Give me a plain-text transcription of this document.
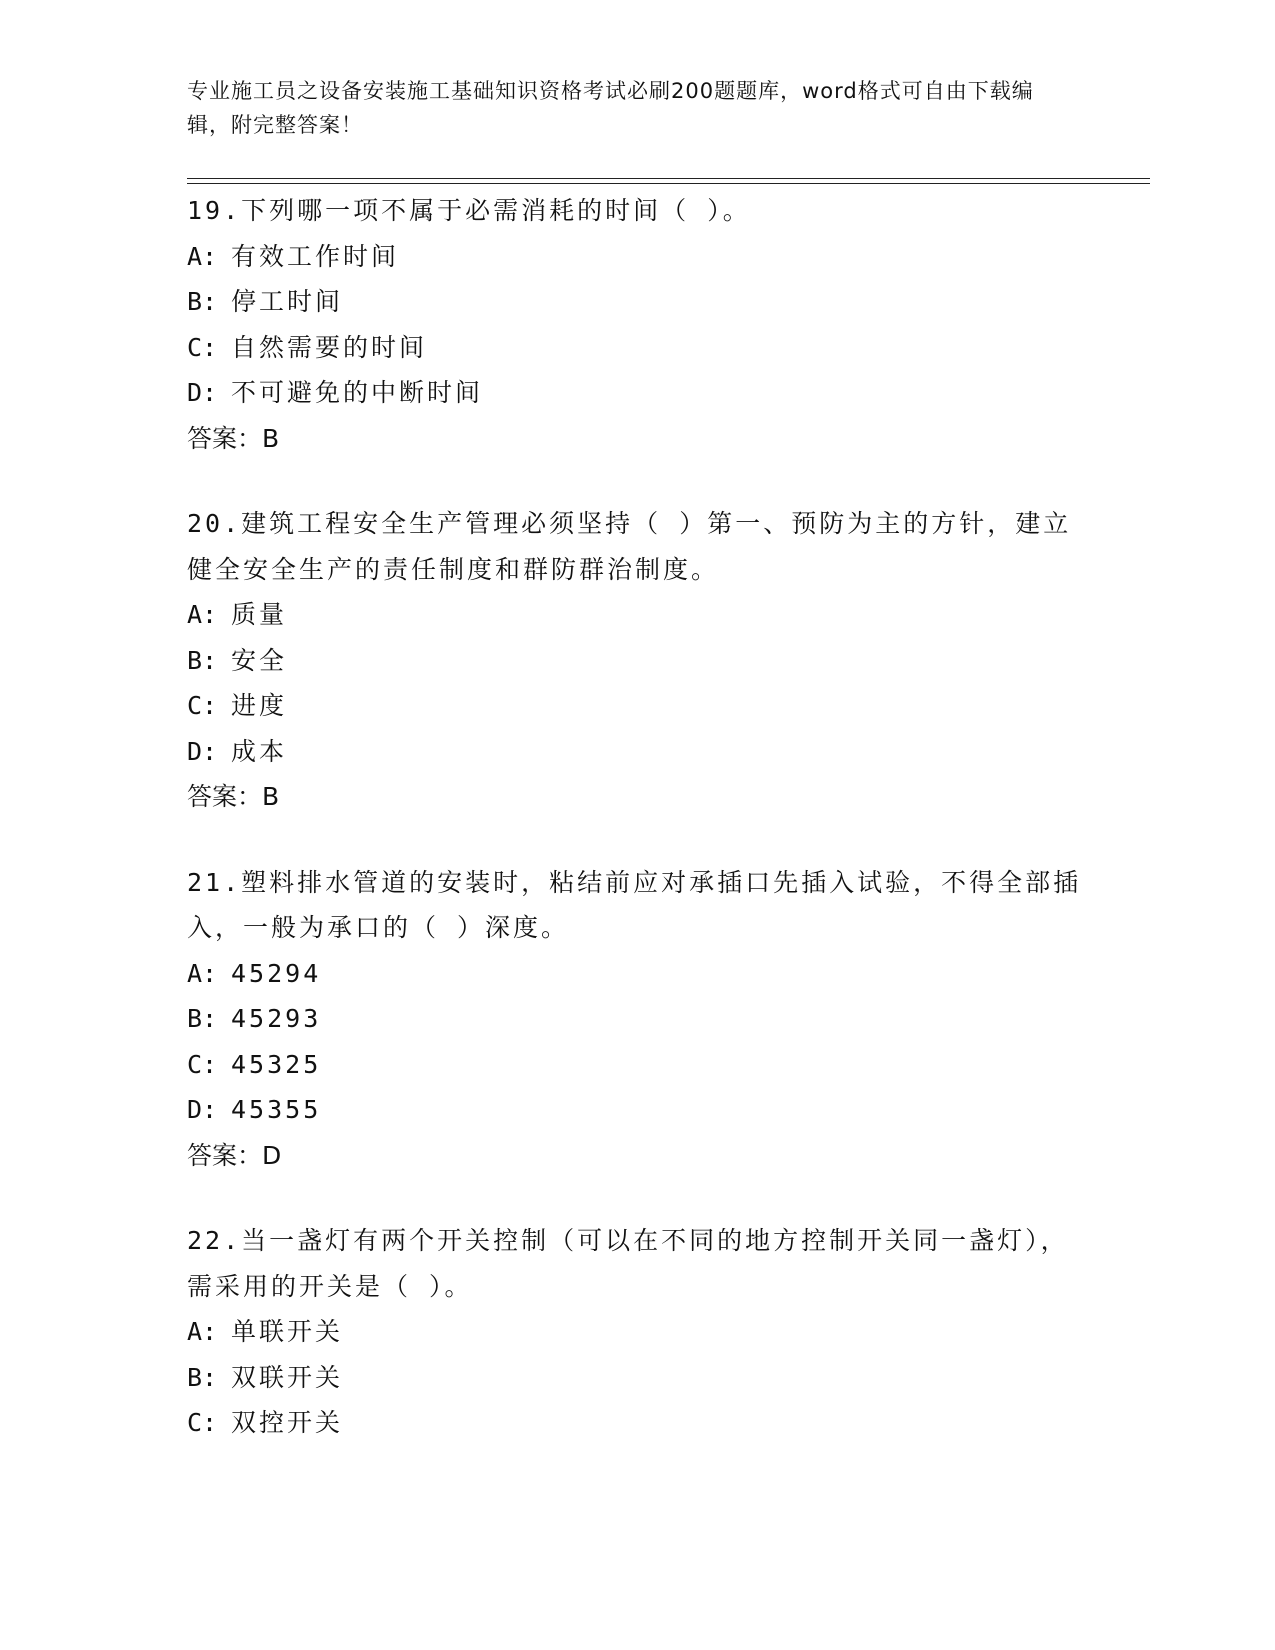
专业施工员之设备安装施工基础知识资格考试必刷200题题库，word格式可自由下载编辑，附完整答案！

19.下列哪一项不属于必需消耗的时间（ ）。

A: 有效工作时间

B: 停工时间

C: 自然需要的时间

D: 不可避免的中断时间

答案：B

20.建筑工程安全生产管理必须坚持（ ）第一、预防为主的方针，建立健全安全生产的责任制度和群防群治制度。

A: 质量

B: 安全

C: 进度

D: 成本

答案：B

21.塑料排水管道的安装时，粘结前应对承插口先插入试验，不得全部插入，一般为承口的（ ）深度。

A: 45294

B: 45293

C: 45325

D: 45355

答案：D

22.当一盏灯有两个开关控制（可以在不同的地方控制开关同一盏灯），需采用的开关是（ ）。

A: 单联开关

B: 双联开关

C: 双控开关
